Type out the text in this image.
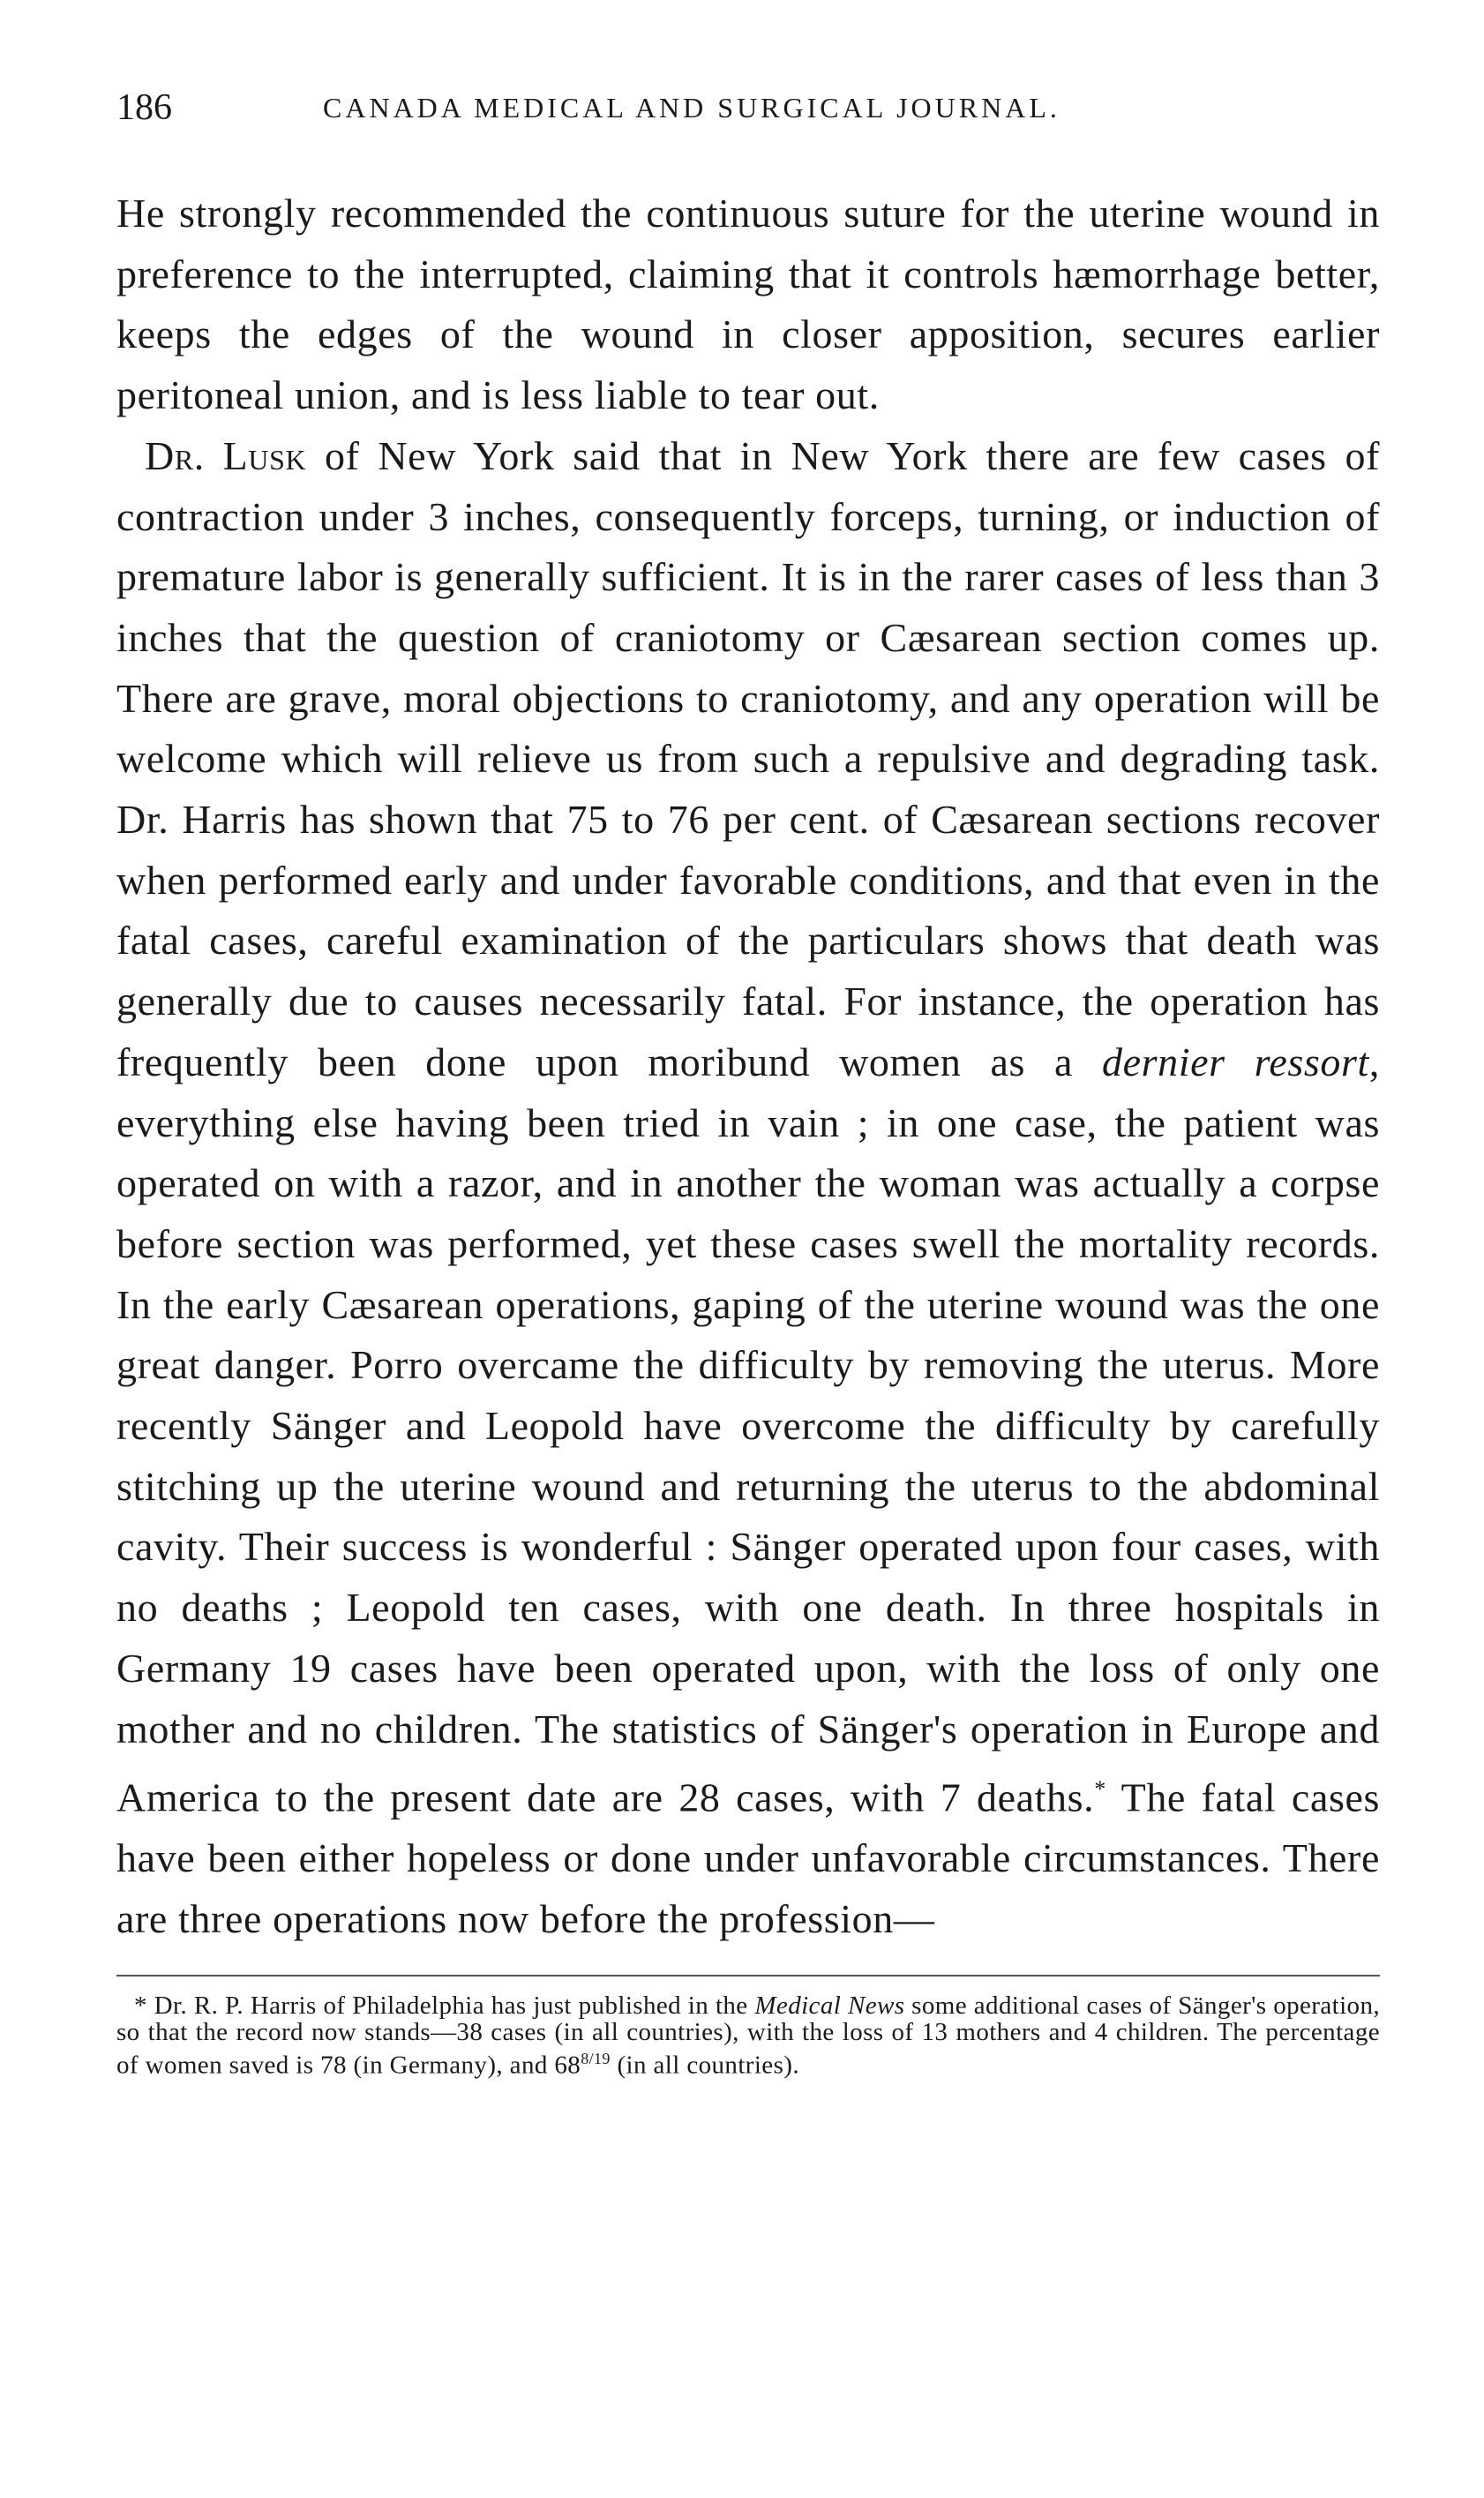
186	CANADA MEDICAL AND SURGICAL JOURNAL.

He strongly recommended the continuous suture for the uterine wound in preference to the interrupted, claiming that it controls hæmorrhage better, keeps the edges of the wound in closer apposition, secures earlier peritoneal union, and is less liable to tear out.

Dr. Lusk of New York said that in New York there are few cases of contraction under 3 inches, consequently forceps, turning, or induction of premature labor is generally sufficient. It is in the rarer cases of less than 3 inches that the question of craniotomy or Cæsarean section comes up. There are grave, moral objections to craniotomy, and any operation will be welcome which will relieve us from such a repulsive and degrading task. Dr. Harris has shown that 75 to 76 per cent. of Cæsarean sections recover when performed early and under favorable conditions, and that even in the fatal cases, careful examination of the particulars shows that death was generally due to causes necessarily fatal. For instance, the operation has frequently been done upon moribund women as a dernier ressort, everything else having been tried in vain ; in one case, the patient was operated on with a razor, and in another the woman was actually a corpse before section was performed, yet these cases swell the mortality records. In the early Cæsarean operations, gaping of the uterine wound was the one great danger. Porro overcame the difficulty by removing the uterus. More recently Sänger and Leopold have overcome the difficulty by carefully stitching up the uterine wound and returning the uterus to the abdominal cavity. Their success is wonderful : Sänger operated upon four cases, with no deaths ; Leopold ten cases, with one death. In three hospitals in Germany 19 cases have been operated upon, with the loss of only one mother and no children. The statistics of Sänger's operation in Europe and America to the present date are 28 cases, with 7 deaths.* The fatal cases have been either hopeless or done under unfavorable circumstances. There are three operations now before the profession—

* Dr. R. P. Harris of Philadelphia has just published in the Medical News some additional cases of Sänger's operation, so that the record now stands—38 cases (in all countries), with the loss of 13 mothers and 4 children. The percentage of women saved is 78 (in Germany), and $68^{8/19}$ (in all countries).
